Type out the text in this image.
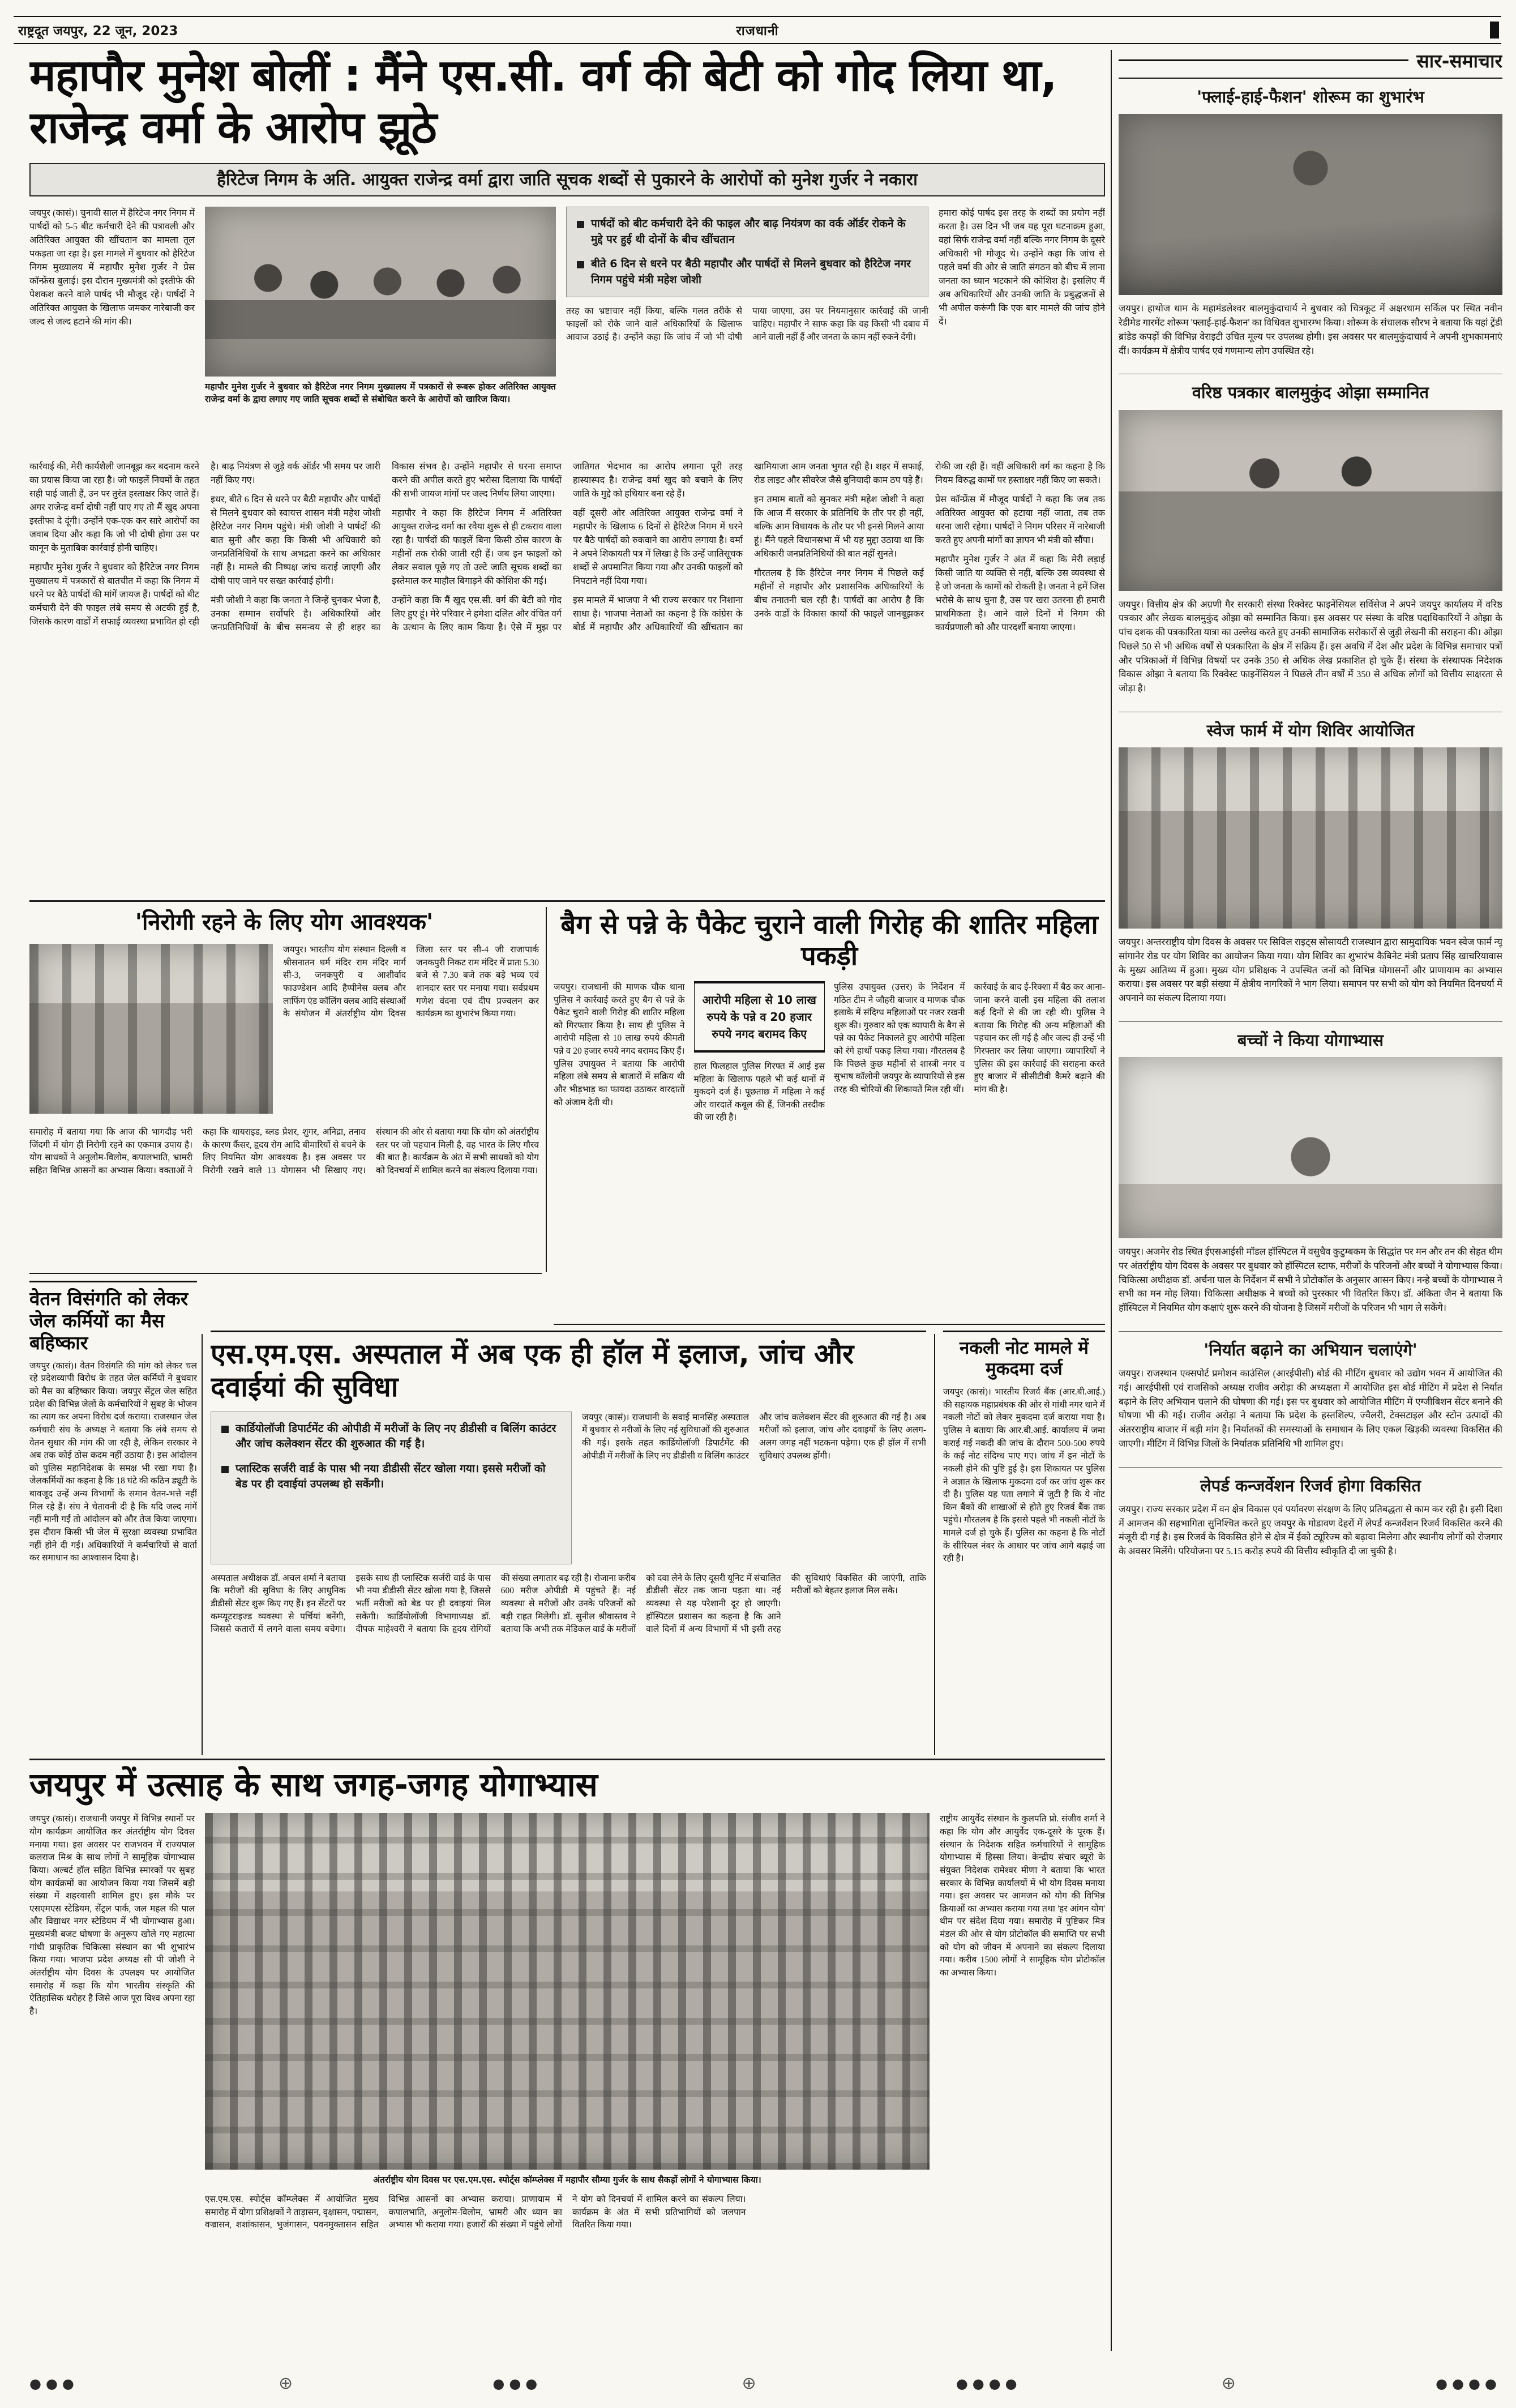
राष्ट्रदूत जयपुर, 22 जून, 2023	राजधानी
महापौर मुनेश बोलीं : मैंने एस.सी. वर्ग की बेटी को गोद लिया था, राजेन्द्र वर्मा के आरोप झूठे
हैरिटेज निगम के अति. आयुक्त राजेन्द्र वर्मा द्वारा जाति सूचक शब्दों से पुकारने के आरोपों को मुनेश गुर्जर ने नकारा

जयपुर (कासं)। चुनावी साल में हैरिटेज नगर निगम में पार्षदों को 5-5 बीट कर्मचारी देने की पत्रावली और अतिरिक्त आयुक्त की खींचतान का मामला तूल पकड़ता जा रहा है। इस मामले में बुधवार को हैरिटेज निगम मुख्यालय में महापौर मुनेश गुर्जर ने प्रेस कॉन्फ्रेंस बुलाई। इस दौरान मुख्यमंत्री को इस्तीफे की पेशकश करने वाले पार्षद भी मौजूद रहे। पार्षदों ने अतिरिक्त आयुक्त के खिलाफ जमकर नारेबाजी कर जल्द से जल्द हटाने की मांग की।

महापौर मुनेश गुर्जर ने बुधवार को हैरिटेज नगर निगम मुख्यालय में पत्रकारों से रूबरू होकर अतिरिक्त आयुक्त राजेन्द्र वर्मा के द्वारा लगाए गए जाति सूचक शब्दों से संबोधित करने के आरोपों को खारिज किया।
पार्षदों को बीट कर्मचारी देने की फाइल और बाढ़ नियंत्रण का वर्क ऑर्डर रोकने के मुद्दे पर हुई थी दोनों के बीच खींचतान
बीते 6 दिन से धरने पर बैठी महापौर और पार्षदों से मिलने बुधवार को हैरिटेज नगर निगम पहुंचे मंत्री महेश जोशी

तरह का भ्रष्टाचार नहीं किया, बल्कि गलत तरीके से फाइलों को रोके जाने वाले अधिकारियों के खिलाफ आवाज उठाई है। उन्होंने कहा कि जांच में जो भी दोषी पाया जाएगा, उस पर नियमानुसार कार्रवाई की जानी चाहिए। महापौर ने साफ कहा कि वह किसी भी दबाव में आने वाली नहीं हैं और जनता के काम नहीं रुकने देंगी।

हमारा कोई पार्षद इस तरह के शब्दों का प्रयोग नहीं करता है। उस दिन भी जब यह पूरा घटनाक्रम हुआ, वहां सिर्फ राजेन्द्र वर्मा नहीं बल्कि नगर निगम के दूसरे अधिकारी भी मौजूद थे। उन्होंने कहा कि जांच से पहले वर्मा की ओर से जाति संगठन को बीच में लाना जनता का ध्यान भटकाने की कोशिश है। इसलिए मैं अब अधिकारियों और उनकी जाति के प्रबुद्धजनों से भी अपील करूंगी कि एक बार मामले की जांच होने दें।

कार्रवाई की, मेरी कार्यशैली जानबूझ कर बदनाम करने का प्रयास किया जा रहा है। जो फाइलें नियमों के तहत सही पाई जाती हैं, उन पर तुरंत हस्ताक्षर किए जाते हैं। अगर राजेन्द्र वर्मा दोषी नहीं पाए गए तो मैं खुद अपना इस्तीफा दे दूंगी। उन्होंने एक-एक कर सारे आरोपों का जवाब दिया और कहा कि जो भी दोषी होगा उस पर कानून के मुताबिक कार्रवाई होनी चाहिए।

महापौर मुनेश गुर्जर ने बुधवार को हैरिटेज नगर निगम मुख्यालय में पत्रकारों से बातचीत में कहा कि निगम में धरने पर बैठे पार्षदों की मांगें जायज हैं। पार्षदों को बीट कर्मचारी देने की फाइल लंबे समय से अटकी हुई है, जिसके कारण वार्डों में सफाई व्यवस्था प्रभावित हो रही है। बाढ़ नियंत्रण से जुड़े वर्क ऑर्डर भी समय पर जारी नहीं किए गए।

इधर, बीते 6 दिन से धरने पर बैठी महापौर और पार्षदों से मिलने बुधवार को स्वायत्त शासन मंत्री महेश जोशी हैरिटेज नगर निगम पहुंचे। मंत्री जोशी ने पार्षदों की बात सुनी और कहा कि किसी भी अधिकारी को जनप्रतिनिधियों के साथ अभद्रता करने का अधिकार नहीं है। मामले की निष्पक्ष जांच कराई जाएगी और दोषी पाए जाने पर सख्त कार्रवाई होगी।

मंत्री जोशी ने कहा कि जनता ने जिन्हें चुनकर भेजा है, उनका सम्मान सर्वोपरि है। अधिकारियों और जनप्रतिनिधियों के बीच समन्वय से ही शहर का विकास संभव है। उन्होंने महापौर से धरना समाप्त करने की अपील करते हुए भरोसा दिलाया कि पार्षदों की सभी जायज मांगों पर जल्द निर्णय लिया जाएगा।

महापौर ने कहा कि हैरिटेज निगम में अतिरिक्त आयुक्त राजेन्द्र वर्मा का रवैया शुरू से ही टकराव वाला रहा है। पार्षदों की फाइलें बिना किसी ठोस कारण के महीनों तक रोकी जाती रही हैं। जब इन फाइलों को लेकर सवाल पूछे गए तो उल्टे जाति सूचक शब्दों का इस्तेमाल कर माहौल बिगाड़ने की कोशिश की गई।

उन्होंने कहा कि मैं खुद एस.सी. वर्ग की बेटी को गोद लिए हुए हूं। मेरे परिवार ने हमेशा दलित और वंचित वर्ग के उत्थान के लिए काम किया है। ऐसे में मुझ पर जातिगत भेदभाव का आरोप लगाना पूरी तरह हास्यास्पद है। राजेन्द्र वर्मा खुद को बचाने के लिए जाति के मुद्दे को हथियार बना रहे हैं।

वहीं दूसरी ओर अतिरिक्त आयुक्त राजेन्द्र वर्मा ने महापौर के खिलाफ 6 दिनों से हैरिटेज निगम में धरने पर बैठे पार्षदों को रुकवाने का आरोप लगाया है। वर्मा ने अपने शिकायती पत्र में लिखा है कि उन्हें जातिसूचक शब्दों से अपमानित किया गया और उनकी फाइलों को निपटाने नहीं दिया गया।

इस मामले में भाजपा ने भी राज्य सरकार पर निशाना साधा है। भाजपा नेताओं का कहना है कि कांग्रेस के बोर्ड में महापौर और अधिकारियों की खींचतान का खामियाजा आम जनता भुगत रही है। शहर में सफाई, रोड लाइट और सीवरेज जैसे बुनियादी काम ठप पड़े हैं।

इन तमाम बातों को सुनकर मंत्री महेश जोशी ने कहा कि आज मैं सरकार के प्रतिनिधि के तौर पर ही नहीं, बल्कि आम विधायक के तौर पर भी इनसे मिलने आया हूं। मैंने पहले विधानसभा में भी यह मुद्दा उठाया था कि अधिकारी जनप्रतिनिधियों की बात नहीं सुनते।

गौरतलब है कि हैरिटेज नगर निगम में पिछले कई महीनों से महापौर और प्रशासनिक अधिकारियों के बीच तनातनी चल रही है। पार्षदों का आरोप है कि उनके वार्डों के विकास कार्यों की फाइलें जानबूझकर रोकी जा रही हैं। वहीं अधिकारी वर्ग का कहना है कि नियम विरुद्ध कामों पर हस्ताक्षर नहीं किए जा सकते।

प्रेस कॉन्फ्रेंस में मौजूद पार्षदों ने कहा कि जब तक अतिरिक्त आयुक्त को हटाया नहीं जाता, तब तक धरना जारी रहेगा। पार्षदों ने निगम परिसर में नारेबाजी करते हुए अपनी मांगों का ज्ञापन भी मंत्री को सौंपा।

महापौर मुनेश गुर्जर ने अंत में कहा कि मेरी लड़ाई किसी जाति या व्यक्ति से नहीं, बल्कि उस व्यवस्था से है जो जनता के कामों को रोकती है। जनता ने हमें जिस भरोसे के साथ चुना है, उस पर खरा उतरना ही हमारी प्राथमिकता है। आने वाले दिनों में निगम की कार्यप्रणाली को और पारदर्शी बनाया जाएगा।

'निरोगी रहने के लिए योग आवश्यक'

जयपुर। भारतीय योग संस्थान दिल्ली व श्रीसनातन धर्म मंदिर राम मंदिर मार्ग सी-3, जनकपुरी व आशीर्वाद फाउण्डेशन आदि हैप्पीनेस क्लब और लाफिंग एंड कॉलिंग क्लब आदि संस्थाओं के संयोजन में अंतर्राष्ट्रीय योग दिवस जिला स्तर पर सी-4 जी राजापार्क जनकपुरी निकट राम मंदिर में प्रातः 5.30 बजे से 7.30 बजे तक बड़े भव्य एवं शानदार स्तर पर मनाया गया। सर्वप्रथम गणेश वंदना एवं दीप प्रज्वलन कर कार्यक्रम का शुभारंभ किया गया।

समारोह में बताया गया कि आज की भागदौड़ भरी जिंदगी में योग ही निरोगी रहने का एकमात्र उपाय है। योग साधकों ने अनुलोम-विलोम, कपालभाति, भ्रामरी सहित विभिन्न आसनों का अभ्यास किया। वक्ताओं ने कहा कि थायराइड, ब्लड प्रेशर, शुगर, अनिद्रा, तनाव के कारण कैंसर, हृदय रोग आदि बीमारियों से बचने के लिए नियमित योग आवश्यक है। इस अवसर पर निरोगी रखने वाले 13 योगासन भी सिखाए गए। संस्थान की ओर से बताया गया कि योग को अंतर्राष्ट्रीय स्तर पर जो पहचान मिली है, वह भारत के लिए गौरव की बात है। कार्यक्रम के अंत में सभी साधकों को योग को दिनचर्या में शामिल करने का संकल्प दिलाया गया।

बैग से पन्ने के पैकेट चुराने वाली गिरोह की शातिर महिला पकड़ी

जयपुर। राजधानी की माणक चौक थाना पुलिस ने कार्रवाई करते हुए बैग से पन्ने के पैकेट चुराने वाली गिरोह की शातिर महिला को गिरफ्तार किया है। साथ ही पुलिस ने आरोपी महिला से 10 लाख रुपये कीमती पन्ने व 20 हजार रुपये नगद बरामद किए हैं। पुलिस उपायुक्त ने बताया कि आरोपी महिला लंबे समय से बाजारों में सक्रिय थी और भीड़भाड़ का फायदा उठाकर वारदातों को अंजाम देती थी।

आरोपी महिला से 10 लाख रुपये के पन्ने व 20 हजार रुपये नगद बरामद किए

हाल फिलहाल पुलिस गिरफ्त में आई इस महिला के खिलाफ पहले भी कई थानों में मुकदमे दर्ज हैं। पूछताछ में महिला ने कई और वारदातें कबूल की हैं, जिनकी तस्दीक की जा रही है।

पुलिस उपायुक्त (उत्तर) के निर्देशन में गठित टीम ने जौहरी बाजार व माणक चौक इलाके में संदिग्ध महिलाओं पर नजर रखनी शुरू की। गुरुवार को एक व्यापारी के बैग से पन्ने का पैकेट निकालते हुए आरोपी महिला को रंगे हाथों पकड़ लिया गया। गौरतलब है कि पिछले कुछ महीनों से शास्त्री नगर व सुभाष कॉलोनी जयपुर के व्यापारियों से इस तरह की चोरियों की शिकायतें मिल रही थीं।

कार्रवाई के बाद ई-रिक्शा में बैठ कर आना-जाना करने वाली इस महिला की तलाश कई दिनों से की जा रही थी। पुलिस ने बताया कि गिरोह की अन्य महिलाओं की पहचान कर ली गई है और जल्द ही उन्हें भी गिरफ्तार कर लिया जाएगा। व्यापारियों ने पुलिस की इस कार्रवाई की सराहना करते हुए बाजार में सीसीटीवी कैमरे बढ़ाने की मांग की है।

वेतन विसंगति को लेकर जेल कर्मियों का मैस बहिष्कार

जयपुर (कासं)। वेतन विसंगति की मांग को लेकर चल रहे प्रदेशव्यापी विरोध के तहत जेल कर्मियों ने बुधवार को मैस का बहिष्कार किया। जयपुर सेंट्रल जेल सहित प्रदेश की विभिन्न जेलों के कर्मचारियों ने सुबह के भोजन का त्याग कर अपना विरोध दर्ज कराया। राजस्थान जेल कर्मचारी संघ के अध्यक्ष ने बताया कि लंबे समय से वेतन सुधार की मांग की जा रही है, लेकिन सरकार ने अब तक कोई ठोस कदम नहीं उठाया है। इस आंदोलन को पुलिस महानिदेशक के समक्ष भी रखा गया है। जेलकर्मियों का कहना है कि 18 घंटे की कठिन ड्यूटी के बावजूद उन्हें अन्य विभागों के समान वेतन-भत्ते नहीं मिल रहे हैं। संघ ने चेतावनी दी है कि यदि जल्द मांगें नहीं मानी गईं तो आंदोलन को और तेज किया जाएगा। इस दौरान किसी भी जेल में सुरक्षा व्यवस्था प्रभावित नहीं होने दी गई। अधिकारियों ने कर्मचारियों से वार्ता कर समाधान का आश्वासन दिया है।

एस.एम.एस. अस्पताल में अब एक ही हॉल में इलाज, जांच और दवाईयां की सुविधा
कार्डियोलॉजी डिपार्टमेंट की ओपीडी में मरीजों के लिए नए डीडीसी व बिलिंग काउंटर और जांच कलेक्शन सेंटर की शुरुआत की गई है।
प्लास्टिक सर्जरी वार्ड के पास भी नया डीडीसी सेंटर खोला गया। इससे मरीजों को बेड पर ही दवाईयां उपलब्ध हो सकेंगी।

जयपुर (कासं)। राजधानी के सवाई मानसिंह अस्पताल में बुधवार से मरीजों के लिए नई सुविधाओं की शुरुआत की गई। इसके तहत कार्डियोलॉजी डिपार्टमेंट की ओपीडी में मरीजों के लिए नए डीडीसी व बिलिंग काउंटर और जांच कलेक्शन सेंटर की शुरुआत की गई है। अब मरीजों को इलाज, जांच और दवाइयों के लिए अलग-अलग जगह नहीं भटकना पड़ेगा। एक ही हॉल में सभी सुविधाएं उपलब्ध होंगी।

अस्पताल अधीक्षक डॉ. अचल शर्मा ने बताया कि मरीजों की सुविधा के लिए आधुनिक डीडीसी सेंटर शुरू किए गए हैं। इन सेंटरों पर कम्प्यूटराइज्ड व्यवस्था से पर्चियां बनेंगी, जिससे कतारों में लगने वाला समय बचेगा। इसके साथ ही प्लास्टिक सर्जरी वार्ड के पास भी नया डीडीसी सेंटर खोला गया है, जिससे भर्ती मरीजों को बेड पर ही दवाइयां मिल सकेंगी। कार्डियोलॉजी विभागाध्यक्ष डॉ. दीपक माहेश्वरी ने बताया कि हृदय रोगियों की संख्या लगातार बढ़ रही है। रोजाना करीब 600 मरीज ओपीडी में पहुंचते हैं। नई व्यवस्था से मरीजों और उनके परिजनों को बड़ी राहत मिलेगी। डॉ. सुनील श्रीवास्तव ने बताया कि अभी तक मेडिकल वार्ड के मरीजों को दवा लेने के लिए दूसरी यूनिट में संचालित डीडीसी सेंटर तक जाना पड़ता था। नई व्यवस्था से यह परेशानी दूर हो जाएगी। हॉस्पिटल प्रशासन का कहना है कि आने वाले दिनों में अन्य विभागों में भी इसी तरह की सुविधाएं विकसित की जाएंगी, ताकि मरीजों को बेहतर इलाज मिल सके।

नकली नोट मामले में मुकदमा दर्ज

जयपुर (कासं)। भारतीय रिजर्व बैंक (आर.बी.आई.) की सहायक महाप्रबंधक की ओर से गांधी नगर थाने में नकली नोटों को लेकर मुकदमा दर्ज कराया गया है। पुलिस ने बताया कि आर.बी.आई. कार्यालय में जमा कराई गई नकदी की जांच के दौरान 500-500 रुपये के कई नोट संदिग्ध पाए गए। जांच में इन नोटों के नकली होने की पुष्टि हुई है। इस शिकायत पर पुलिस ने अज्ञात के खिलाफ मुकदमा दर्ज कर जांच शुरू कर दी है। पुलिस यह पता लगाने में जुटी है कि ये नोट किन बैंकों की शाखाओं से होते हुए रिजर्व बैंक तक पहुंचे। गौरतलब है कि इससे पहले भी नकली नोटों के मामले दर्ज हो चुके हैं। पुलिस का कहना है कि नोटों के सीरियल नंबर के आधार पर जांच आगे बढ़ाई जा रही है।

जयपुर में उत्साह के साथ जगह-जगह योगाभ्यास

जयपुर (कासं)। राजधानी जयपुर में विभिन्न स्थानों पर योग कार्यक्रम आयोजित कर अंतर्राष्ट्रीय योग दिवस मनाया गया। इस अवसर पर राजभवन में राज्यपाल कलराज मिश्र के साथ लोगों ने सामूहिक योगाभ्यास किया। अल्बर्ट हॉल सहित विभिन्न स्मारकों पर सुबह योग कार्यक्रमों का आयोजन किया गया जिसमें बड़ी संख्या में शहरवासी शामिल हुए। इस मौके पर एसएमएस स्टेडियम, सेंट्रल पार्क, जल महल की पाल और विद्याधर नगर स्टेडियम में भी योगाभ्यास हुआ। मुख्यमंत्री बजट घोषणा के अनुरूप खोले गए महात्मा गांधी प्राकृतिक चिकित्सा संस्थान का भी शुभारंभ किया गया। भाजपा प्रदेश अध्यक्ष सी पी जोशी ने अंतर्राष्ट्रीय योग दिवस के उपलक्ष्य पर आयोजित समारोह में कहा कि योग भारतीय संस्कृति की ऐतिहासिक धरोहर है जिसे आज पूरा विश्व अपना रहा है।

अंतर्राष्ट्रीय योग दिवस पर एस.एम.एस. स्पोर्ट्स कॉम्प्लेक्स में महापौर सौम्या गुर्जर के साथ सैकड़ों लोगों ने योगाभ्यास किया।

एस.एम.एस. स्पोर्ट्स कॉम्प्लेक्स में आयोजित मुख्य समारोह में योगा प्रशिक्षकों ने ताड़ासन, वृक्षासन, पद्मासन, वज्रासन, शशांकासन, भुजंगासन, पवनमुक्तासन सहित विभिन्न आसनों का अभ्यास कराया। प्राणायाम में कपालभाति, अनुलोम-विलोम, भ्रामरी और ध्यान का अभ्यास भी कराया गया। हजारों की संख्या में पहुंचे लोगों ने योग को दिनचर्या में शामिल करने का संकल्प लिया। कार्यक्रम के अंत में सभी प्रतिभागियों को जलपान वितरित किया गया।

राष्ट्रीय आयुर्वेद संस्थान के कुलपति प्रो. संजीव शर्मा ने कहा कि योग और आयुर्वेद एक-दूसरे के पूरक हैं। संस्थान के निदेशक सहित कर्मचारियों ने सामूहिक योगाभ्यास में हिस्सा लिया। केन्द्रीय संचार ब्यूरो के संयुक्त निदेशक रामेश्वर मीणा ने बताया कि भारत सरकार के विभिन्न कार्यालयों में भी योग दिवस मनाया गया। इस अवसर पर आमजन को योग की विभिन्न क्रियाओं का अभ्यास कराया गया तथा 'हर आंगन योग' थीम पर संदेश दिया गया। समारोह में पुष्टिकर मित्र मंडल की ओर से योग प्रोटोकॉल की समाप्ति पर सभी को योग को जीवन में अपनाने का संकल्प दिलाया गया। करीब 1500 लोगों ने सामूहिक योग प्रोटोकॉल का अभ्यास किया।

सार-समाचार
'फ्लाई-हाई-फैशन' शोरूम का शुभारंभ

जयपुर। हाथोज धाम के महामंडलेश्वर बालमुकुंदाचार्य ने बुधवार को चित्रकूट में अक्षरधाम सर्किल पर स्थित नवीन रेडीमेड गारमेंट शोरूम 'फ्लाई-हाई-फैशन' का विधिवत शुभारम्भ किया। शोरूम के संचालक सौरभ ने बताया कि यहां ट्रेंडी ब्रांडेड कपड़ों की विभिन्न वेराइटी उचित मूल्य पर उपलब्ध होगी। इस अवसर पर बालमुकुंदाचार्य ने अपनी शुभकामनाएं दीं। कार्यक्रम में क्षेत्रीय पार्षद एवं गणमान्य लोग उपस्थित रहे।

वरिष्ठ पत्रकार बालमुकुंद ओझा सम्मानित

जयपुर। वित्तीय क्षेत्र की अग्रणी गैर सरकारी संस्था रिक्वेस्ट फाइनेंसियल सर्विसेज ने अपने जयपुर कार्यालय में वरिष्ठ पत्रकार और लेखक बालमुकुंद ओझा को सम्मानित किया। इस अवसर पर संस्था के वरिष्ठ पदाधिकारियों ने ओझा के पांच दशक की पत्रकारिता यात्रा का उल्लेख करते हुए उनकी सामाजिक सरोकारों से जुड़ी लेखनी की सराहना की। ओझा पिछले 50 से भी अधिक वर्षों से पत्रकारिता के क्षेत्र में सक्रिय हैं। इस अवधि में देश और प्रदेश के विभिन्न समाचार पत्रों और पत्रिकाओं में विभिन्न विषयों पर उनके 350 से अधिक लेख प्रकाशित हो चुके हैं। संस्था के संस्थापक निदेशक विकास ओझा ने बताया कि रिक्वेस्ट फाइनेंसियल ने पिछले तीन वर्षों में 350 से अधिक लोगों को वित्तीय साक्षरता से जोड़ा है।

स्वेज फार्म में योग शिविर आयोजित

जयपुर। अन्तरराष्ट्रीय योग दिवस के अवसर पर सिविल राइट्स सोसायटी राजस्थान द्वारा सामुदायिक भवन स्वेज फार्म न्यू सांगानेर रोड पर योग शिविर का आयोजन किया गया। योग शिविर का शुभारंभ कैबिनेट मंत्री प्रताप सिंह खाचरियावास के मुख्य आतिथ्य में हुआ। मुख्य योग प्रशिक्षक ने उपस्थित जनों को विभिन्न योगासनों और प्राणायाम का अभ्यास कराया। इस अवसर पर बड़ी संख्या में क्षेत्रीय नागरिकों ने भाग लिया। समापन पर सभी को योग को नियमित दिनचर्या में अपनाने का संकल्प दिलाया गया।

बच्चों ने किया योगाभ्यास

जयपुर। अजमेर रोड स्थित ईएसआईसी मॉडल हॉस्पिटल में वसुधैव कुटुम्बकम के सिद्धांत पर मन और तन की सेहत थीम पर अंतर्राष्ट्रीय योग दिवस के अवसर पर बुधवार को हॉस्पिटल स्टाफ, मरीजों के परिजनों और बच्चों ने योगाभ्यास किया। चिकित्सा अधीक्षक डॉ. अर्चना पाल के निर्देशन में सभी ने प्रोटोकॉल के अनुसार आसन किए। नन्हे बच्चों के योगाभ्यास ने सभी का मन मोह लिया। चिकित्सा अधीक्षक ने बच्चों को पुरस्कार भी वितरित किए। डॉ. अंकिता जैन ने बताया कि हॉस्पिटल में नियमित योग कक्षाएं शुरू करने की योजना है जिसमें मरीजों के परिजन भी भाग ले सकेंगे।

'निर्यात बढ़ाने का अभियान चलाएंगे'

जयपुर। राजस्थान एक्सपोर्ट प्रमोशन काउंसिल (आरईपीसी) बोर्ड की मीटिंग बुधवार को उद्योग भवन में आयोजित की गई। आरईपीसी एवं राजसिको अध्यक्ष राजीव अरोड़ा की अध्यक्षता में आयोजित इस बोर्ड मीटिंग में प्रदेश से निर्यात बढ़ाने के लिए अभियान चलाने की घोषणा की गई। इस पर बुधवार को आयोजित मीटिंग में एग्जीबिशन सेंटर बनाने की घोषणा भी की गई। राजीव अरोड़ा ने बताया कि प्रदेश के हस्तशिल्प, ज्वैलरी, टेक्सटाइल और स्टोन उत्पादों की अंतरराष्ट्रीय बाजार में बड़ी मांग है। निर्यातकों की समस्याओं के समाधान के लिए एकल खिड़की व्यवस्था विकसित की जाएगी। मीटिंग में विभिन्न जिलों के निर्यातक प्रतिनिधि भी शामिल हुए।

लेपर्ड कन्जर्वेशन रिजर्व होगा विकसित

जयपुर। राज्य सरकार प्रदेश में वन क्षेत्र विकास एवं पर्यावरण संरक्षण के लिए प्रतिबद्धता से काम कर रही है। इसी दिशा में आमजन की सहभागिता सुनिश्चित करते हुए जयपुर के गोडावण देहरों में लेपर्ड कन्जर्वेशन रिजर्व विकसित करने की मंजूरी दी गई है। इस रिजर्व के विकसित होने से क्षेत्र में ईको ट्यूरिज्म को बढ़ावा मिलेगा और स्थानीय लोगों को रोजगार के अवसर मिलेंगे। परियोजना पर 5.15 करोड़ रुपये की वित्तीय स्वीकृति दी जा चुकी है।

●●●	⊕	●●●	⊕	●●●●	⊕	●●●●
